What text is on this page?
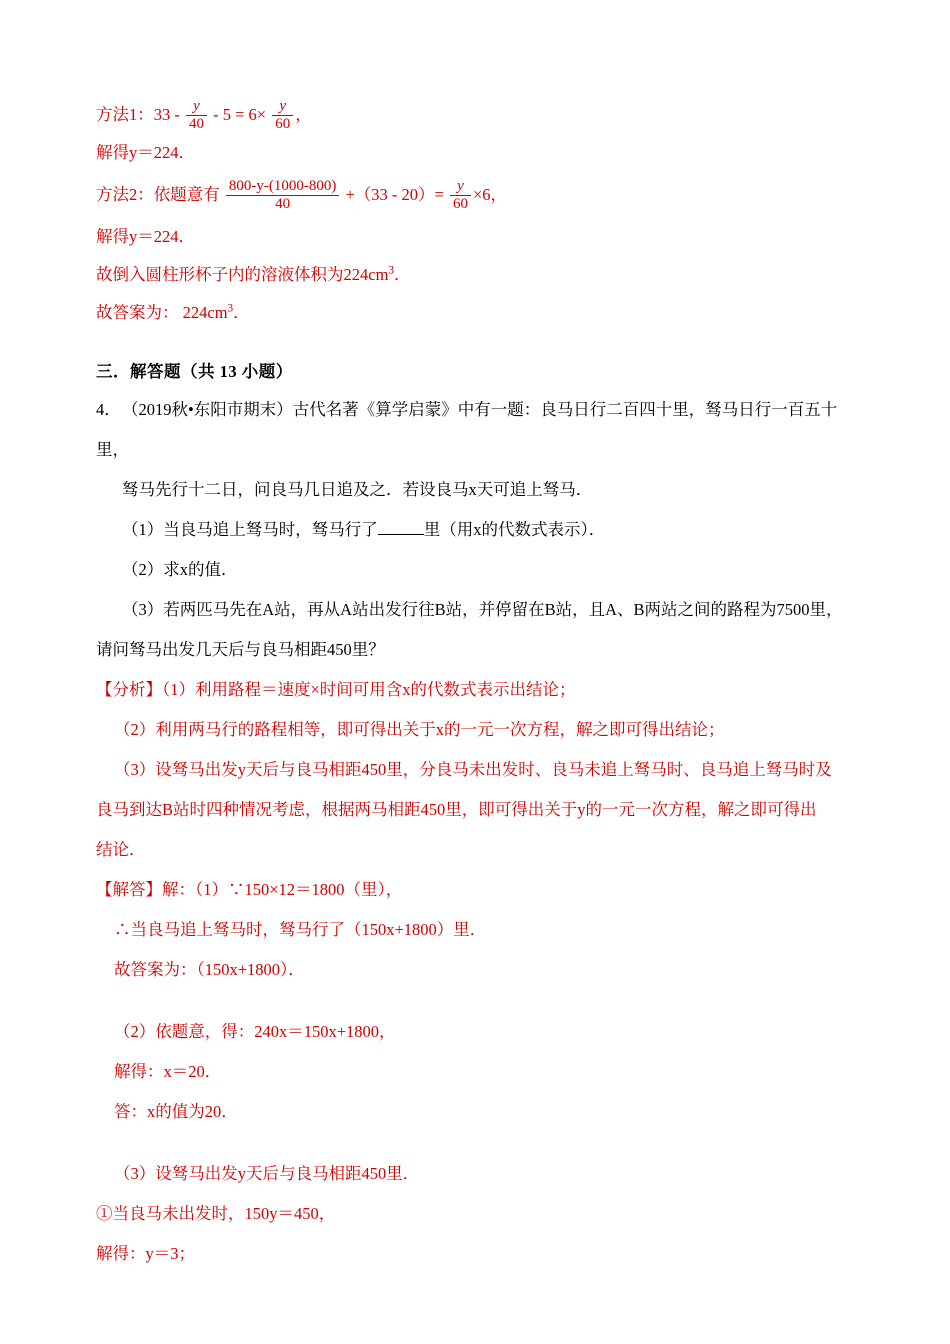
方法1：$33 - \frac{y}{40} - 5 = 6\times \frac{y}{60}$ ，
解得y＝224．
方法2：依题意有 $\frac{800-y-(1000-800)}{40} +(33 - 20)= \frac{y}{60} \times 6$，
解得y＝224．
故倒入圆柱形杯子内的溶液体积为$224cm^3$．
故答案为： $224cm^3$．
三．解答题（共 13 小题）
4．（2019秋•东阳市期末）古代名著《算学启蒙》中有一题：良马日行二百四十里，驽马日行一百五十里，
驽马先行十二日，问良马几日追及之．若设良马x天可追上驽马．
（1）当良马追上驽马时，驽马行了	里（用x的代数式表示）．
（2）求x的值．
（3）若两匹马先在A站，再从A站出发行往B站，并停留在B站，且A、B两站之间的路程为7500里，
请问驽马出发几天后与良马相距450里？
【分析】（1）利用路程＝速度×时间可用含x的代数式表示出结论；
（2）利用两马行的路程相等，即可得出关于x的一元一次方程，解之即可得出结论；
（3）设驽马出发y天后与良马相距450里，分良马未出发时、良马未追上驽马时、良马追上驽马时及
良马到达B站时四种情况考虑，根据两马相距450里，即可得出关于y的一元一次方程，解之即可得出
结论．
【解答】解：（1）∵150×12＝1800（里），
∴当良马追上驽马时，驽马行了（150x+1800）里．
故答案为：（150x+1800）．
（2）依题意，得：240x＝150x+1800，
解得：x＝20．
答：x的值为20．
（3）设驽马出发y天后与良马相距450里．
①当良马未出发时，150y＝450，
解得：y＝3；
